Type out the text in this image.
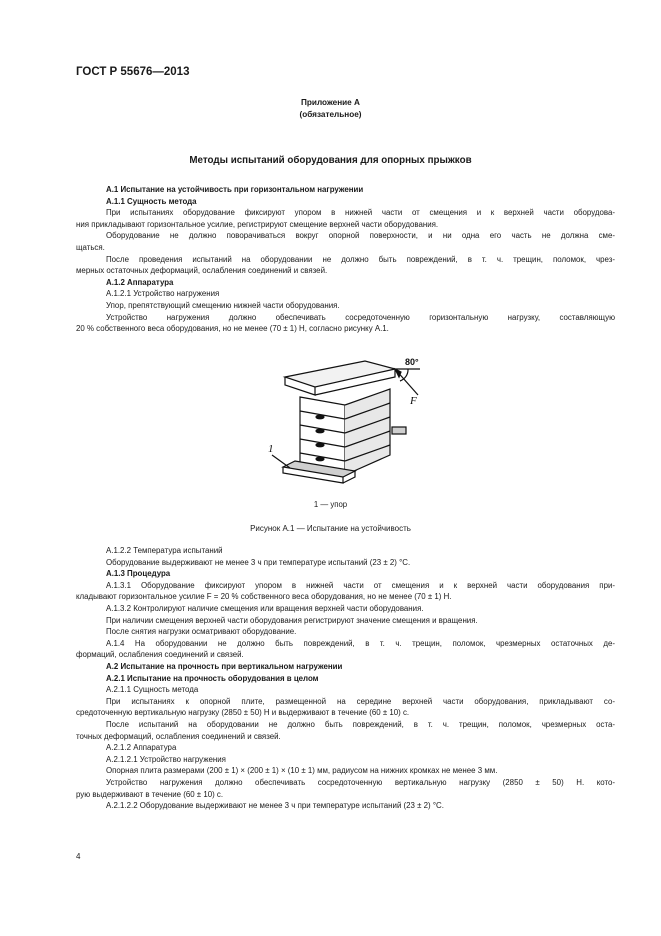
ГОСТ Р 55676—2013
Приложение А
(обязательное)
Методы испытаний оборудования для опорных прыжков
А.1 Испытание на устойчивость при горизонтальном нагружении
А.1.1 Сущность метода
При испытаниях оборудование фиксируют упором в нижней части от смещения и к верхней части оборудова-
ния прикладывают горизонтальное усилие, регистрируют смещение верхней части оборудования.
Оборудование не должно поворачиваться вокруг опорной поверхности, и ни одна его часть не должна сме-
щаться.
После проведения испытаний на оборудовании не должно быть повреждений, в т. ч. трещин, поломок, чрез-
мерных остаточных деформаций, ослабления соединений и связей.
А.1.2 Аппаратура
А.1.2.1 Устройство нагружения
Упор, препятствующий смещению нижней части оборудования.
Устройство нагружения должно обеспечивать сосредоточенную горизонтальную нагрузку, составляющую
20 % собственного веса оборудования, но не менее (70 ± 1) Н, согласно рисунку А.1.
80°
F
1
1 — упор
Рисунок А.1 — Испытание на устойчивость
А.1.2.2 Температура испытаний
Оборудование выдерживают не менее 3 ч при температуре испытаний (23 ± 2) °С.
А.1.3 Процедура
А.1.3.1 Оборудование фиксируют упором в нижней части от смещения и к верхней части оборудования при-
кладывают горизонтальное усилие F = 20 % собственного веса оборудования, но не менее (70 ± 1) Н.
А.1.3.2 Контролируют наличие смещения или вращения верхней части оборудования.
При наличии смещения верхней части оборудования регистрируют значение смещения и вращения.
После снятия нагрузки осматривают оборудование.
А.1.4 На оборудовании не должно быть повреждений, в т. ч. трещин, поломок, чрезмерных остаточных де-
формаций, ослабления соединений и связей.
А.2 Испытание на прочность при вертикальном нагружении
А.2.1 Испытание на прочность оборудования в целом
А.2.1.1 Сущность метода
При испытаниях к опорной плите, размещенной на середине верхней части оборудования, прикладывают со-
средоточенную вертикальную нагрузку (2850 ± 50) Н и выдерживают в течение (60 ± 10) с.
После испытаний на оборудовании не должно быть повреждений, в т. ч. трещин, поломок, чрезмерных оста-
точных деформаций, ослабления соединений и связей.
А.2.1.2 Аппаратура
А.2.1.2.1 Устройство нагружения
Опорная плита размерами (200 ± 1) × (200 ± 1) × (10 ± 1) мм, радиусом на нижних кромках не менее 3 мм.
Устройство нагружения должно обеспечивать сосредоточенную вертикальную нагрузку (2850 ± 50) Н. кото-
рую выдерживают в течение (60 ± 10) с.
А.2.1.2.2 Оборудование выдерживают не менее 3 ч при температуре испытаний (23 ± 2) °С.
4
